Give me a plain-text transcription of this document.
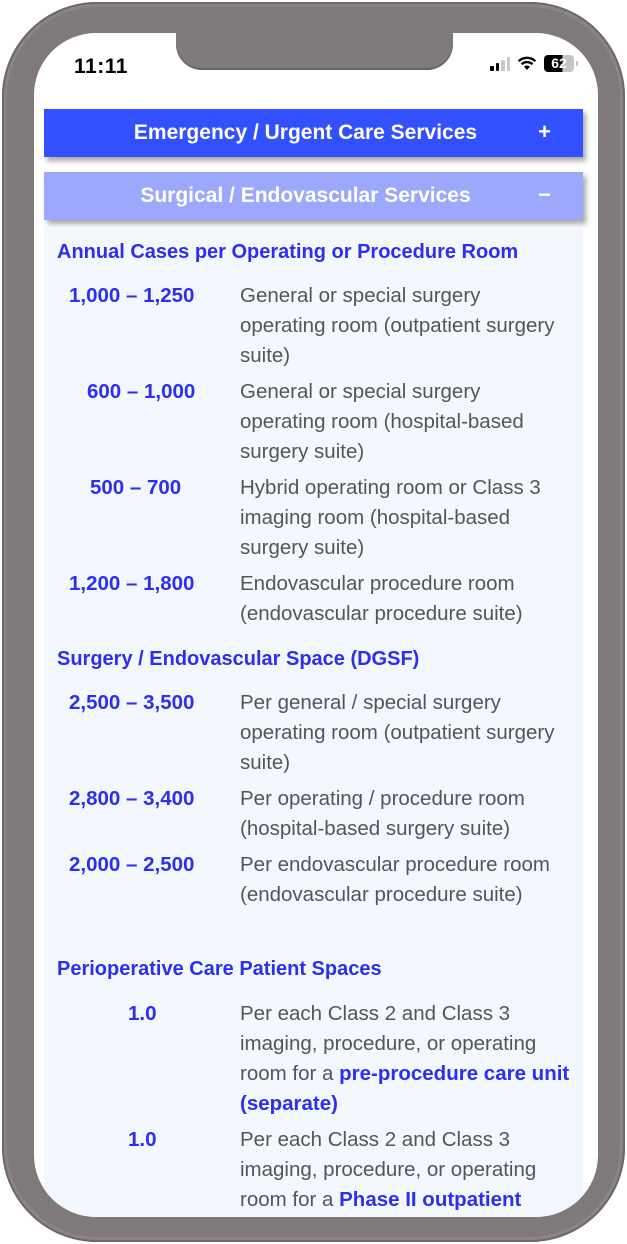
11:11	62
Emergency / Urgent Care Services	+
Surgical / Endovascular Services	−
Annual Cases per Operating or Procedure Room
1,000 – 1,250 General or special surgery operating room (outpatient surgery suite)
600 – 1,000 General or special surgery operating room (hospital-based surgery suite)
500 – 700	Hybrid operating room or Class 3 imaging room (hospital-based surgery suite)
1,200 – 1,800 Endovascular procedure room (endovascular procedure suite)
Surgery / Endovascular Space (DGSF)
2,500 – 3,500 Per general / special surgery operating room (outpatient surgery suite)
2,800 – 3,400 Per operating / procedure room (hospital-based surgery suite)
2,000 – 2,500 Per endovascular procedure room (endovascular procedure suite)
Perioperative Care Patient Spaces
1.0	Per each Class 2 and Class 3 imaging, procedure, or operating room for a pre-procedure care unit (separate)
1.0	Per each Class 2 and Class 3 imaging, procedure, or operating room for a Phase II outpatient
